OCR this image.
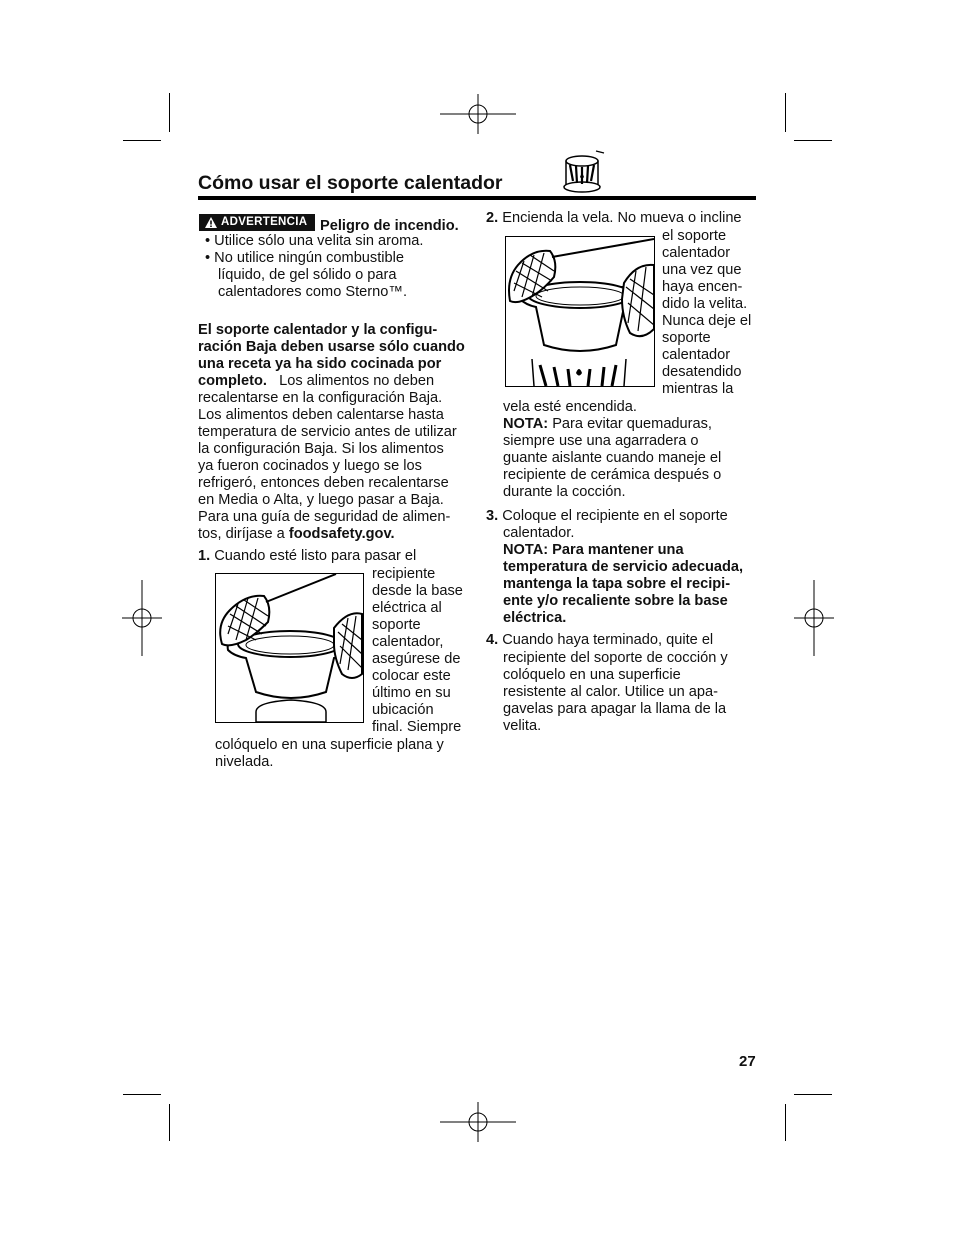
Cómo usar el soporte calentador
ADVERTENCIA Peligro de incendio.
• Utilice sólo una velita sin aroma.
• No utilice ningún combustible
líquido, de gel sólido o para
calentadores como Sterno™.
El soporte calentador y la configu-
ración Baja deben usarse sólo cuando
una receta ya ha sido cocinada por
completo. Los alimentos no deben
recalentarse en la configuración Baja.
Los alimentos deben calentarse hasta
temperatura de servicio antes de utilizar
la configuración Baja. Si los alimentos
ya fueron cocinados y luego se los
refrigeró, entonces deben recalentarse
en Media o Alta, y luego pasar a Baja.
Para una guía de seguridad de alimen-
tos, diríjase a foodsafety.gov.
1. Cuando esté listo para pasar el
recipiente
desde la base
eléctrica al
soporte
calentador,
asegúrese de
colocar este
último en su
ubicación
final. Siempre
colóquelo en una superficie plana y
nivelada.
2. Encienda la vela. No mueva o incline
el soporte
calentador
una vez que
haya encen-
dido la velita.
Nunca deje el
soporte
calentador
desatendido
mientras la
vela esté encendida.
NOTA: Para evitar quemaduras,
siempre use una agarradera o
guante aislante cuando maneje el
recipiente de cerámica después o
durante la cocción.
3. Coloque el recipiente en el soporte
calentador.
NOTA: Para mantener una
temperatura de servicio adecuada,
mantenga la tapa sobre el recipi-
ente y/o recaliente sobre la base
eléctrica.
4. Cuando haya terminado, quite el
recipiente del soporte de cocción y
colóquelo en una superficie
resistente al calor. Utilice un apa-
gavelas para apagar la llama de la
velita.
27
